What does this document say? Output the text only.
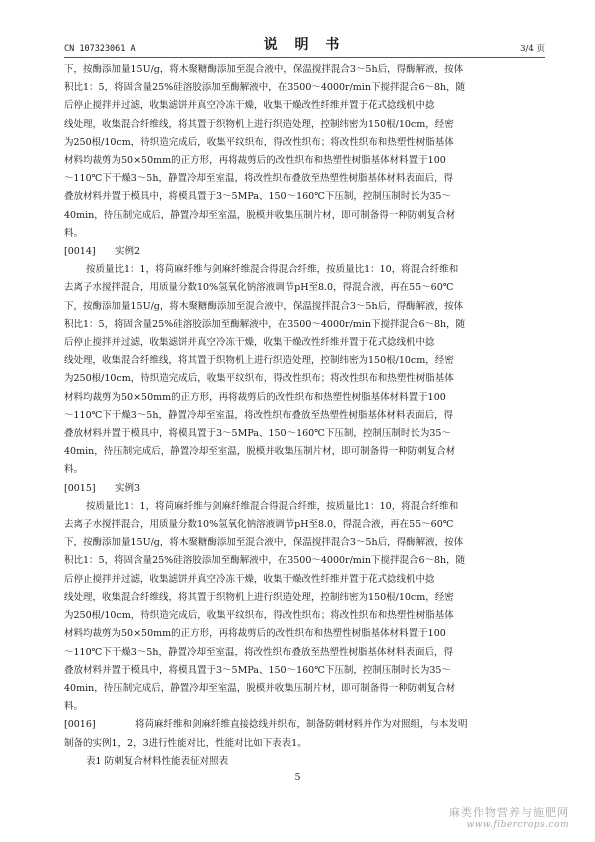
CN 107323061 A	说 明 书	3/4 页
下，按酶添加量15U/g，将木聚糖酶添加至混合液中，保温搅拌混合3～5h后，得酶解液，按体
积比1：5，将固含量25%硅溶胶添加至酶解液中，在3500～4000r/min下搅拌混合6～8h，随
后停止搅拌并过滤，收集滤饼并真空冷冻干燥，收集干燥改性纤维并置于花式捻线机中捻
线处理，收集混合纤维线，将其置于织物机上进行织造处理，控制纬密为150根/10cm，经密
为250根/10cm，待织造完成后，收集平纹织布，得改性织布；将改性织布和热塑性树脂基体
材料均裁剪为50×50mm的正方形，再将裁剪后的改性织布和热塑性树脂基体材料置于100
～110℃下干燥3～5h，静置冷却至室温，将改性织布叠放至热塑性树脂基体材料表面后，得
叠放材料并置于模具中，将模具置于3～5MPa、150～160℃下压制，控制压制时长为35～
40min，待压制完成后，静置冷却至室温，脱模并收集压制片材，即可制备得一种防刺复合材
料。
[0014] 实例2
按质量比1：1，将苘麻纤维与剑麻纤维混合得混合纤维，按质量比1：10，将混合纤维和
去离子水搅拌混合，用质量分数10%氢氧化钠溶液调节pH至8.0，得混合液，再在55～60℃
下，按酶添加量15U/g，将木聚糖酶添加至混合液中，保温搅拌混合3～5h后，得酶解液，按体
积比1：5，将固含量25%硅溶胶添加至酶解液中，在3500～4000r/min下搅拌混合6～8h，随
后停止搅拌并过滤，收集滤饼并真空冷冻干燥，收集干燥改性纤维并置于花式捻线机中捻
线处理，收集混合纤维线，将其置于织物机上进行织造处理，控制纬密为150根/10cm，经密
为250根/10cm，待织造完成后，收集平纹织布，得改性织布；将改性织布和热塑性树脂基体
材料均裁剪为50×50mm的正方形，再将裁剪后的改性织布和热塑性树脂基体材料置于100
～110℃下干燥3～5h，静置冷却至室温，将改性织布叠放至热塑性树脂基体材料表面后，得
叠放材料并置于模具中，将模具置于3～5MPa、150～160℃下压制，控制压制时长为35～
40min，待压制完成后，静置冷却至室温，脱模并收集压制片材，即可制备得一种防刺复合材
料。
[0015] 实例3
按质量比1：1，将苘麻纤维与剑麻纤维混合得混合纤维，按质量比1：10，将混合纤维和
去离子水搅拌混合，用质量分数10%氢氧化钠溶液调节pH至8.0，得混合液，再在55～60℃
下，按酶添加量15U/g，将木聚糖酶添加至混合液中，保温搅拌混合3～5h后，得酶解液，按体
积比1：5，将固含量25%硅溶胶添加至酶解液中，在3500～4000r/min下搅拌混合6～8h，随
后停止搅拌并过滤，收集滤饼并真空冷冻干燥，收集干燥改性纤维并置于花式捻线机中捻
线处理，收集混合纤维线，将其置于织物机上进行织造处理，控制纬密为150根/10cm，经密
为250根/10cm，待织造完成后，收集平纹织布，得改性织布；将改性织布和热塑性树脂基体
材料均裁剪为50×50mm的正方形，再将裁剪后的改性织布和热塑性树脂基体材料置于100
～110℃下干燥3～5h，静置冷却至室温，将改性织布叠放至热塑性树脂基体材料表面后，得
叠放材料并置于模具中，将模具置于3～5MPa、150～160℃下压制，控制压制时长为35～
40min，待压制完成后，静置冷却至室温，脱模并收集压制片材，即可制备得一种防刺复合材
料。
[0016]	将苘麻纤维和剑麻纤维直接捻线并织布，制备防刺材料并作为对照组，与本发明
制备的实例1，2，3进行性能对比，性能对比如下表表1。
表1 防刺复合材料性能表征对照表
5
麻类作物营养与施肥网
www.fibercrops.com
